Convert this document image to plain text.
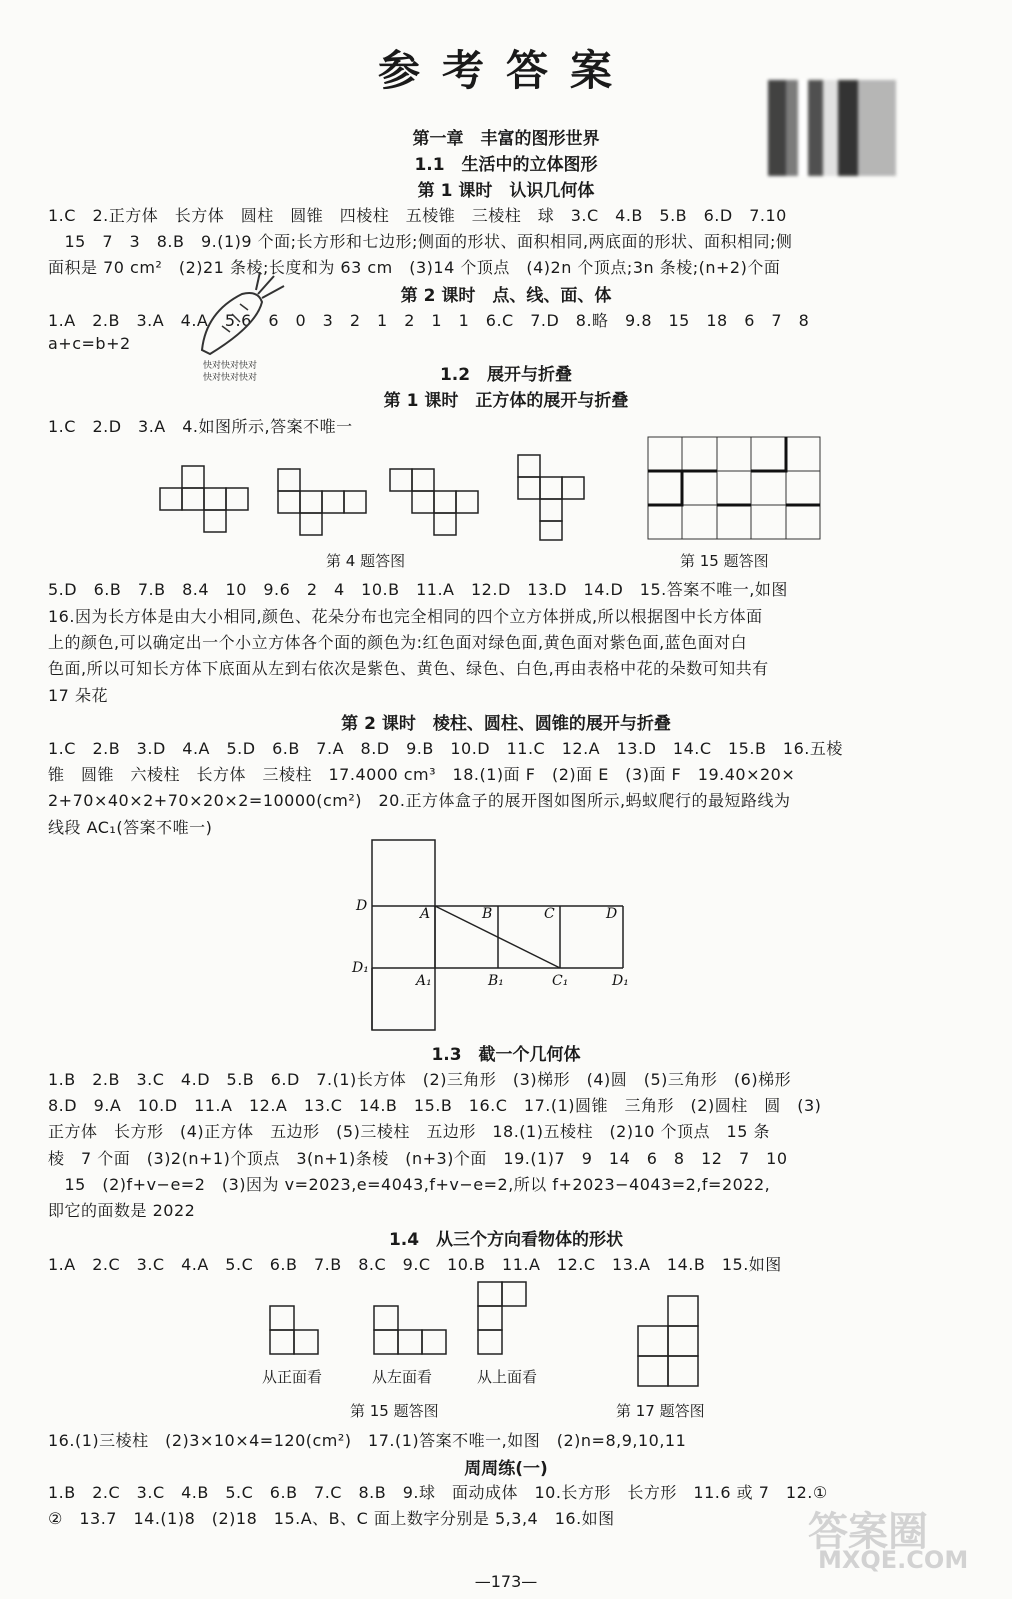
参考答案
第一章　丰富的图形世界
1.1　生活中的立体图形
第 1 课时　认识几何体
1.C　2.正方体　长方体　圆柱　圆锥　四棱柱　五棱锥　三棱柱　球　3.C　4.B　5.B　6.D　7.10
　15　7　3　8.B　9.(1)9 个面;长方形和七边形;侧面的形状、面积相同,两底面的形状、面积相同;侧
面积是 70 cm²　(2)21 条棱;长度和为 63 cm　(3)14 个顶点　(4)2n 个顶点;3n 条棱;(n+2)个面
第 2 课时　点、线、面、体
1.A　2.B　3.A　4.A　5.6　6　0　3　2　1　2　1　1　6.C　7.D　8.略　9.8　15　18　6　7　8
a+c=b+2
快对快对快对
快对快对快对	1.2　展开与折叠
第 1 课时　正方体的展开与折叠
1.C　2.D　3.A　4.如图所示,答案不唯一
第 4 题答图	第 15 题答图
5.D　6.B　7.B　8.4　10　9.6　2　4　10.B　11.A　12.D　13.D　14.D　15.答案不唯一,如图
16.因为长方体是由大小相同,颜色、花朵分布也完全相同的四个立方体拼成,所以根据图中长方体面
上的颜色,可以确定出一个小立方体各个面的颜色为:红色面对绿色面,黄色面对紫色面,蓝色面对白
色面,所以可知长方体下底面从左到右依次是紫色、黄色、绿色、白色,再由表格中花的朵数可知共有
17 朵花
第 2 课时　棱柱、圆柱、圆锥的展开与折叠
1.C　2.B　3.D　4.A　5.D　6.B　7.A　8.D　9.B　10.D　11.C　12.A　13.D　14.C　15.B　16.五棱
锥　圆锥　六棱柱　长方体　三棱柱　17.4000 cm³　18.(1)面 F　(2)面 E　(3)面 F　19.40×20×
2+70×40×2+70×20×2=10000(cm²)　20.正方体盒子的展开图如图所示,蚂蚁爬行的最短路线为
线段 AC₁(答案不唯一)
D	A	B	C	D
D₁
A₁	B₁	C₁	D₁
1.3　截一个几何体
1.B　2.B　3.C　4.D　5.B　6.D　7.(1)长方体　(2)三角形　(3)梯形　(4)圆　(5)三角形　(6)梯形
8.D　9.A　10.D　11.A　12.A　13.C　14.B　15.B　16.C　17.(1)圆锥　三角形　(2)圆柱　圆　(3)
正方体　长方形　(4)正方体　五边形　(5)三棱柱　五边形　18.(1)五棱柱　(2)10 个顶点　15 条
棱　7 个面　(3)2(n+1)个顶点　3(n+1)条棱　(n+3)个面　19.(1)7　9　14　6　8　12　7　10
　15　(2)f+v−e=2　(3)因为 v=2023,e=4043,f+v−e=2,所以 f+2023−4043=2,f=2022,
即它的面数是 2022
1.4　从三个方向看物体的形状
1.A　2.C　3.C　4.A　5.C　6.B　7.B　8.C　9.C　10.B　11.A　12.C　13.A　14.B　15.如图
从正面看	从左面看	从上面看
第 15 题答图	第 17 题答图
16.(1)三棱柱　(2)3×10×4=120(cm²)　17.(1)答案不唯一,如图　(2)n=8,9,10,11
周周练(一)
1.B　2.C　3.C　4.B　5.C　6.B　7.C　8.B　9.球　面动成体　10.长方形　长方形　11.6 或 7　12.①
②　13.7　14.(1)8　(2)18　15.A、B、C 面上数字分别是 5,3,4　16.如图	答案圈
MXQE.COM
—173—
